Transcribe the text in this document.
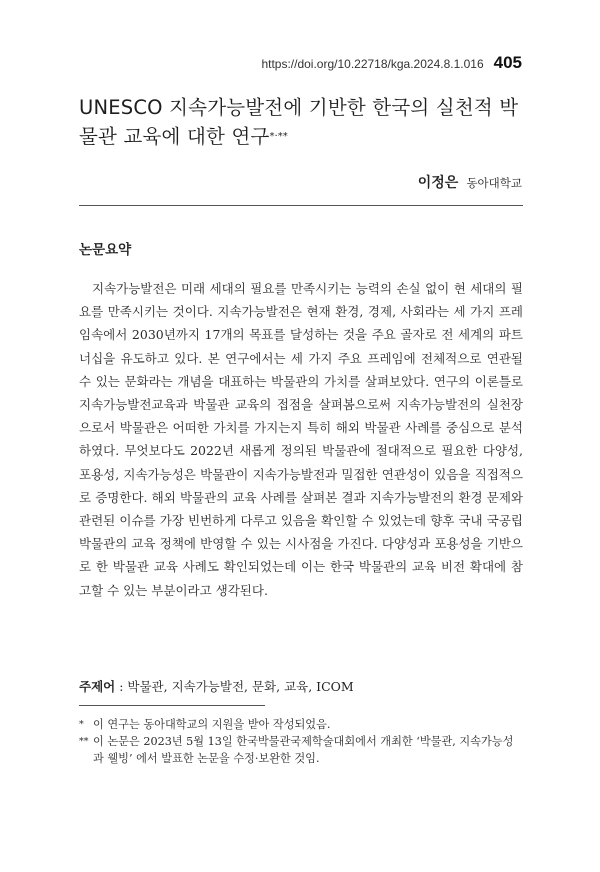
https://doi.org/10.22718/kga.2024.8.1.016 405
UNESCO 지속가능발전에 기반한 한국의 실천적 박물관 교육에 대한 연구*·**
이정은 동아대학교
논문요약

지속가능발전은 미래 세대의 필요를 만족시키는 능력의 손실 없이 현 세대의 필요를 만족시키는 것이다. 지속가능발전은 현재 환경, 경제, 사회라는 세 가지 프레임속에서 2030년까지 17개의 목표를 달성하는 것을 주요 골자로 전 세계의 파트너십을 유도하고 있다. 본 연구에서는 세 가지 주요 프레임에 전체적으로 연관될 수 있는 문화라는 개념을 대표하는 박물관의 가치를 살펴보았다. 연구의 이론틀로 지속가능발전교육과 박물관 교육의 접점을 살펴봄으로써 지속가능발전의 실천장으로서 박물관은 어떠한 가치를 가지는지 특히 해외 박물관 사례를 중심으로 분석하였다. 무엇보다도 2022년 새롭게 정의된 박물관에 절대적으로 필요한 다양성, 포용성, 지속가능성은 박물관이 지속가능발전과 밀접한 연관성이 있음을 직접적으로 증명한다. 해외 박물관의 교육 사례를 살펴본 결과 지속가능발전의 환경 문제와 관련된 이슈를 가장 빈번하게 다루고 있음을 확인할 수 있었는데 향후 국내 국공립박물관의 교육 정책에 반영할 수 있는 시사점을 가진다. 다양성과 포용성을 기반으로 한 박물관 교육 사례도 확인되었는데 이는 한국 박물관의 교육 비전 확대에 참고할 수 있는 부분이라고 생각된다.

주제어 : 박물관, 지속가능발전, 문화, 교육, ICOM
* 이 연구는 동아대학교의 지원을 받아 작성되었음.
** 이 논문은 2023년 5월 13일 한국박물관국제학술대회에서 개최한 ‘박물관, 지속가능성과 웰빙’ 에서 발표한 논문을 수정·보완한 것임.
